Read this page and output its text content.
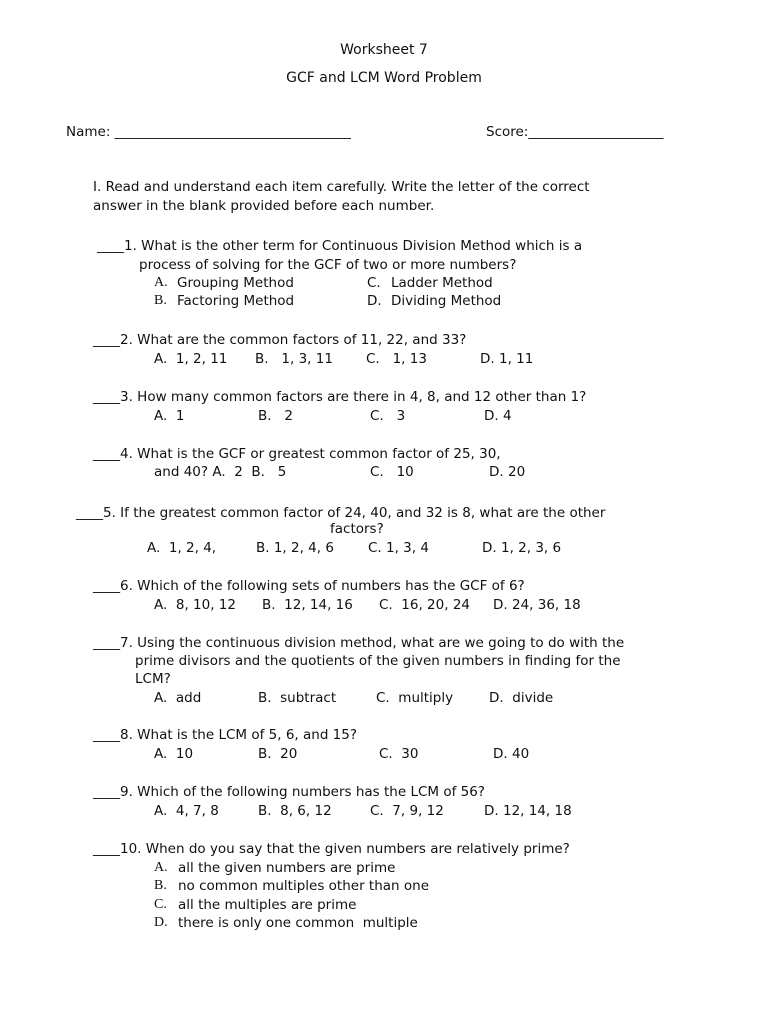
Worksheet 7
GCF and LCM Word Problem
Name: ___________________________________	Score:____________________
I. Read and understand each item carefully. Write the letter of the correct
answer in the blank provided before each number.
____1. What is the other term for Continuous Division Method which is a
process of solving for the GCF of two or more numbers?
A. Grouping Method
B. Factoring Method
C. Ladder Method
D. Dividing Method
____2. What are the common factors of 11, 22, and 33?
A.  1, 2, 11 B.   1, 3, 11 C.   1, 13	D. 1, 11
____3. How many common factors are there in 4, 8, and 12 other than 1?
A.  1	B.   2	C.   3	D. 4
____4. What is the GCF or greatest common factor of 25, 30,
and 40? A.  2  B.   5	C.   10	D. 20
____5. If the greatest common factor of 24, 40, and 32 is 8, what are the other
factors?
A.  1, 2, 4,	B. 1, 2, 4, 6	C. 1, 3, 4	D. 1, 2, 3, 6
____6. Which of the following sets of numbers has the GCF of 6?
A.  8, 10, 12 B.  12, 14, 16 C.  16, 20, 24 D. 24, 36, 18
____7. Using the continuous division method, what are we going to do with the
prime divisors and the quotients of the given numbers in finding for the
LCM?
A.  add	B.  subtract	C.  multiply	D.  divide
____8. What is the LCM of 5, 6, and 15?
A.  10	B.  20	C.  30	D. 40
____9. Which of the following numbers has the LCM of 56?
A.  4, 7, 8	B.  8, 6, 12	C.  7, 9, 12	D. 12, 14, 18
____10. When do you say that the given numbers are relatively prime?
A. all the given numbers are prime
B. no common multiples other than one
C. all the multiples are prime
D. there is only one common  multiple
